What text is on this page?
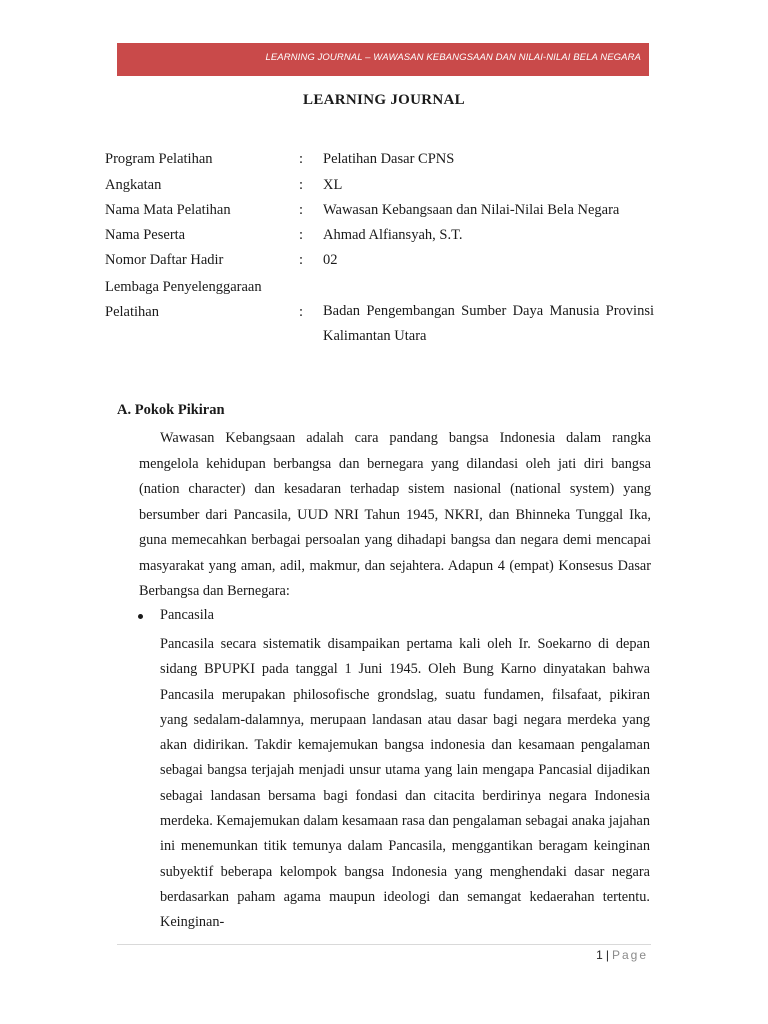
LEARNING JOURNAL – WAWASAN KEBANGSAAN DAN NILAI-NILAI BELA NEGARA
LEARNING JOURNAL
Program Pelatihan	: Pelatihan Dasar CPNS
Angkatan	: XL
Nama Mata Pelatihan	: Wawasan Kebangsaan dan Nilai-Nilai Bela Negara
Nama Peserta	: Ahmad Alfiansyah, S.T.
Nomor Daftar Hadir	: 02
Lembaga Penyelenggaraan
Pelatihan	: Badan Pengembangan Sumber Daya Manusia Provinsi Kalimantan Utara
A. Pokok Pikiran
Wawasan Kebangsaan adalah cara pandang bangsa Indonesia dalam rangka mengelola kehidupan berbangsa dan bernegara yang dilandasi oleh jati diri bangsa (nation character) dan kesadaran terhadap sistem nasional (national system) yang bersumber dari Pancasila, UUD NRI Tahun 1945, NKRI, dan Bhinneka Tunggal Ika, guna memecahkan berbagai persoalan yang dihadapi bangsa dan negara demi mencapai masyarakat yang aman, adil, makmur, dan sejahtera. Adapun 4 (empat) Konsesus Dasar Berbangsa dan Bernegara:
Pancasila
Pancasila secara sistematik disampaikan pertama kali oleh Ir. Soekarno di depan sidang BPUPKI pada tanggal 1 Juni 1945. Oleh Bung Karno dinyatakan bahwa Pancasila merupakan philosofische grondslag, suatu fundamen, filsafaat, pikiran yang sedalam-dalamnya, merupaan landasan atau dasar bagi negara merdeka yang akan didirikan. Takdir kemajemukan bangsa indonesia dan kesamaan pengalaman sebagai bangsa terjajah menjadi unsur utama yang lain mengapa Pancasial dijadikan sebagai landasan bersama bagi fondasi dan citacita berdirinya negara Indonesia merdeka. Kemajemukan dalam kesamaan rasa dan pengalaman sebagai anaka jajahan ini menemunkan titik temunya dalam Pancasila, menggantikan beragam keinginan subyektif beberapa kelompok bangsa Indonesia yang menghendaki dasar negara berdasarkan paham agama maupun ideologi dan semangat kedaerahan tertentu. Keinginan-
1 | Page
